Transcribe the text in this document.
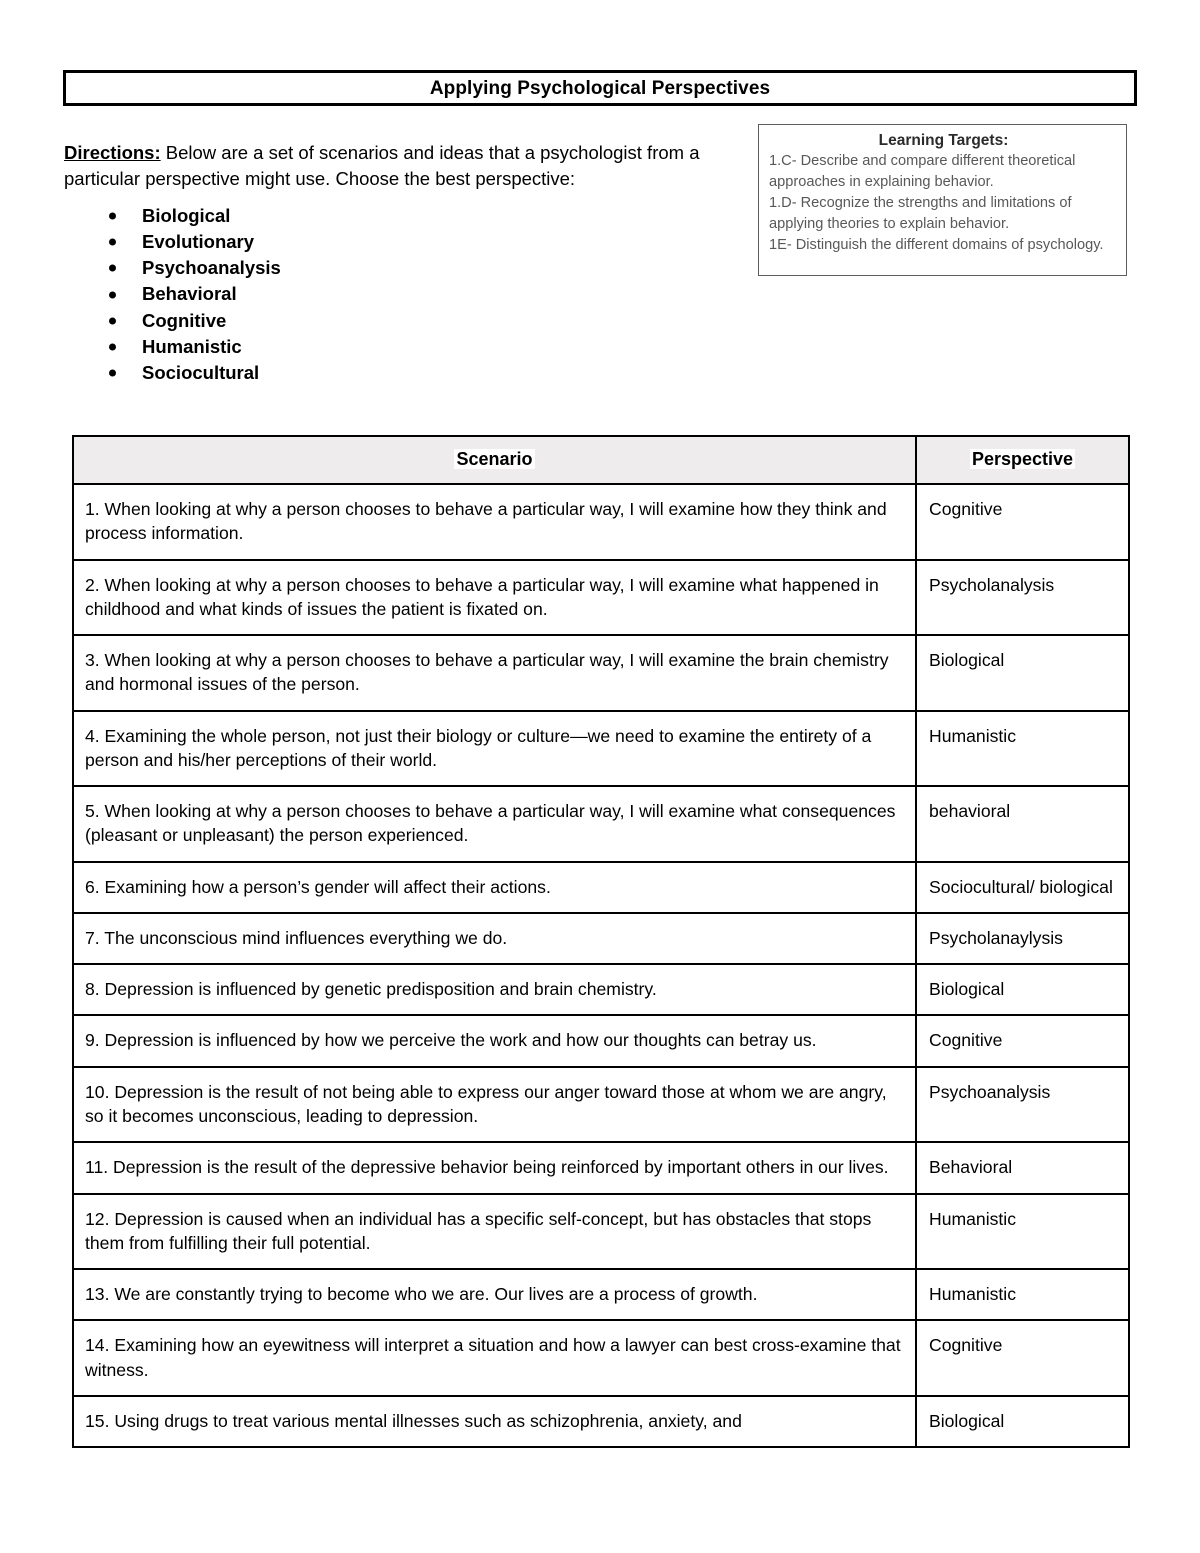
Applying Psychological Perspectives
Directions: Below are a set of scenarios and ideas that a psychologist from a particular perspective might use. Choose the best perspective:
Biological
Evolutionary
Psychoanalysis
Behavioral
Cognitive
Humanistic
Sociocultural
Learning Targets:
1.C- Describe and compare different theoretical approaches in explaining behavior.
1.D- Recognize the strengths and limitations of applying theories to explain behavior.
1E- Distinguish the different domains of psychology.
Scenario	Perspective
1. When looking at why a person chooses to behave a particular way, I will examine how they think and process information.	Cognitive
2. When looking at why a person chooses to behave a particular way, I will examine what happened in childhood and what kinds of issues the patient is fixated on.	Psycholanalysis
3. When looking at why a person chooses to behave a particular way, I will examine the brain chemistry and hormonal issues of the person.	Biological
4. Examining the whole person, not just their biology or culture—we need to examine the entirety of a person and his/her perceptions of their world.	Humanistic
5. When looking at why a person chooses to behave a particular way, I will examine what consequences (pleasant or unpleasant) the person experienced.	behavioral
6. Examining how a person’s gender will affect their actions.	Sociocultural/ biological
7. The unconscious mind influences everything we do.	Psycholanaylysis
8. Depression is influenced by genetic predisposition and brain chemistry.	Biological
9. Depression is influenced by how we perceive the work and how our thoughts can betray us.	Cognitive
10. Depression is the result of not being able to express our anger toward those at whom we are angry, so it becomes unconscious, leading to depression.	Psychoanalysis
11. Depression is the result of the depressive behavior being reinforced by important others in our lives.	Behavioral
12. Depression is caused when an individual has a specific self-concept, but has obstacles that stops them from fulfilling their full potential.	Humanistic
13. We are constantly trying to become who we are. Our lives are a process of growth.	Humanistic
14. Examining how an eyewitness will interpret a situation and how a lawyer can best cross-examine that witness.	Cognitive
15. Using drugs to treat various mental illnesses such as schizophrenia, anxiety, and	Biological
